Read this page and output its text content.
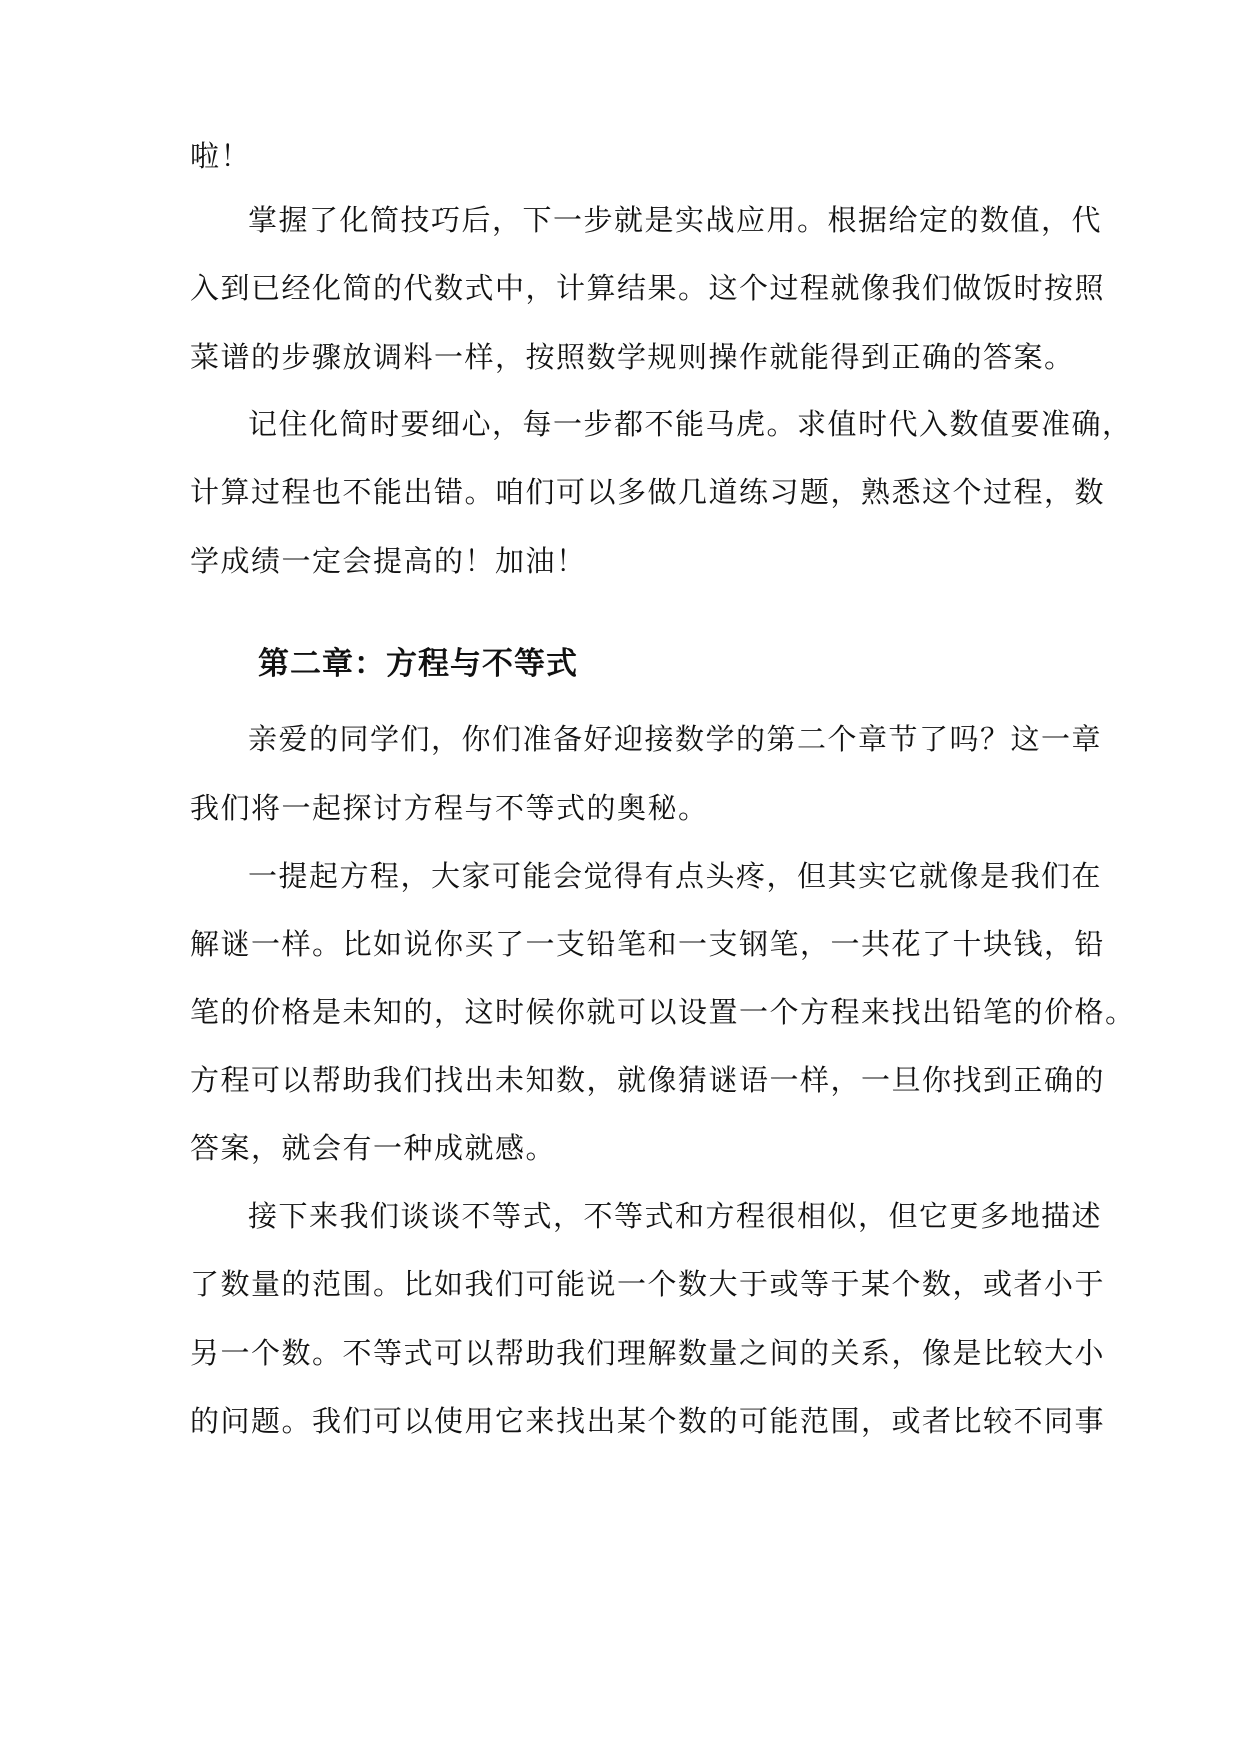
啦！
掌握了化简技巧后，下一步就是实战应用。根据给定的数值，代
入到已经化简的代数式中，计算结果。这个过程就像我们做饭时按照
菜谱的步骤放调料一样，按照数学规则操作就能得到正确的答案。
记住化简时要细心，每一步都不能马虎。求值时代入数值要准确，
计算过程也不能出错。咱们可以多做几道练习题，熟悉这个过程，数
学成绩一定会提高的！加油！
第二章：方程与不等式
亲爱的同学们，你们准备好迎接数学的第二个章节了吗？这一章
我们将一起探讨方程与不等式的奥秘。
一提起方程，大家可能会觉得有点头疼，但其实它就像是我们在
解谜一样。比如说你买了一支铅笔和一支钢笔，一共花了十块钱，铅
笔的价格是未知的，这时候你就可以设置一个方程来找出铅笔的价格。
方程可以帮助我们找出未知数，就像猜谜语一样，一旦你找到正确的
答案，就会有一种成就感。
接下来我们谈谈不等式，不等式和方程很相似，但它更多地描述
了数量的范围。比如我们可能说一个数大于或等于某个数，或者小于
另一个数。不等式可以帮助我们理解数量之间的关系，像是比较大小
的问题。我们可以使用它来找出某个数的可能范围，或者比较不同事
